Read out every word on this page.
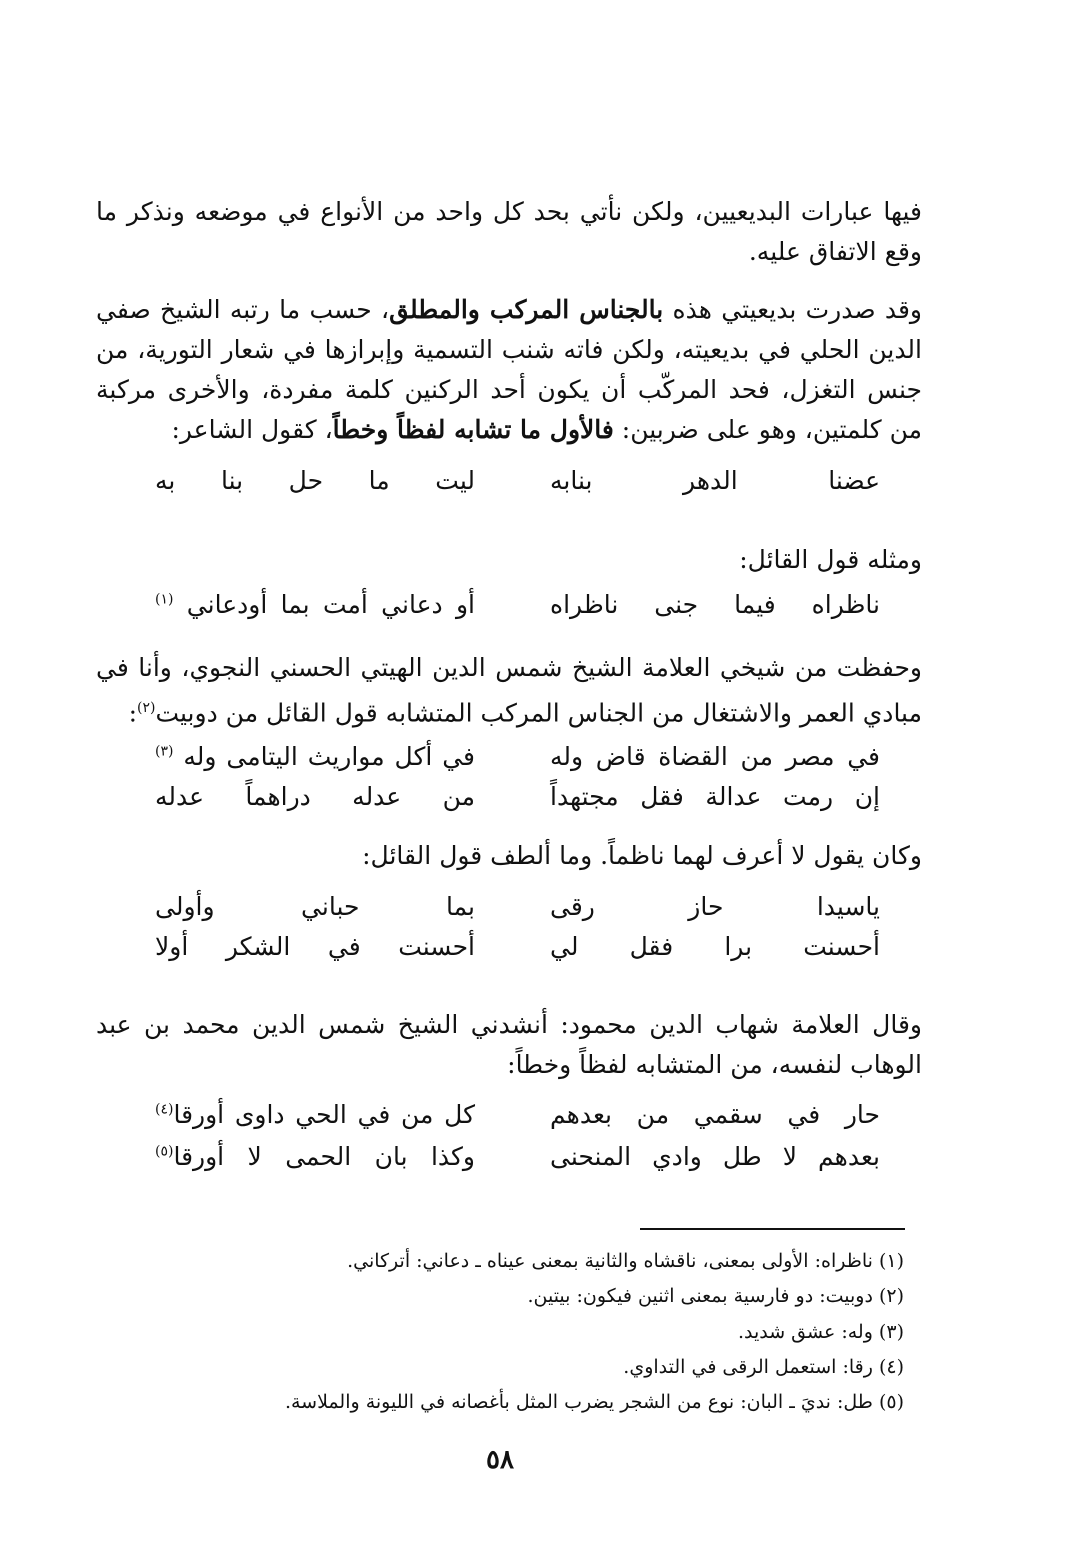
فيها عبارات البديعيين، ولكن نأتي بحد كل واحد من الأنواع في موضعه ونذكر ما وقع الاتفاق عليه.
وقد صدرت بديعيتي هذه بالجناس المركب والمطلق، حسب ما رتبه الشيخ صفي الدين الحلي في بديعيته، ولكن فاته شنب التسمية وإبرازها في شعار التورية، من جنس التغزل، فحد المركّب أن يكون أحد الركنين كلمة مفردة، والأخرى مركبة من كلمتين، وهو على ضربين: فالأول ما تشابه لفظاً وخطاً، كقول الشاعر:
عضنا الدهر بنابه
ليت ما حل بنا به
ومثله قول القائل:
ناظراه فيما جنى ناظراه
أو دعاني أمت بما أودعاني $^{(١)}$
وحفظت من شيخي العلامة الشيخ شمس الدين الهيتي الحسني النجوي، وأنا في مبادي العمر والاشتغال من الجناس المركب المتشابه قول القائل من دوبيت$^{(٢)}$:
في مصر من القضاة قاض وله
في أكل مواريث اليتامى وله $^{(٣)}$
إن رمت عدالة فقل مجتهداً
من عدله دراهماً عدله
وكان يقول لا أعرف لهما ناظماً. وما ألطف قول القائل:
ياسيدا حاز رقى
بما حباني وأولى
أحسنت برا فقل لي
أحسنت في الشكر أولا
وقال العلامة شهاب الدين محمود: أنشدني الشيخ شمس الدين محمد بن عبد الوهاب لنفسه، من المتشابه لفظاً وخطاً:
حار في سقمي من بعدهم
كل من في الحي داوى أورقا$^{(٤)}$
بعدهم لا طل وادي المنحنى
وكذا بان الحمى لا أورقا$^{(٥)}$
(١) ناظراه: الأولى بمعنى، ناقشاه والثانية بمعنى عيناه ـ دعاني: أتركاني.
(٢) دوبيت: دو فارسية بمعنى اثنين فيكون: بيتين.
(٣) وله: عشق شديد.
(٤) رقا: استعمل الرقى في التداوي.
(٥) طل: نديَ ـ البان: نوع من الشجر يضرب المثل بأغصانه في الليونة والملاسة.
٥٨
